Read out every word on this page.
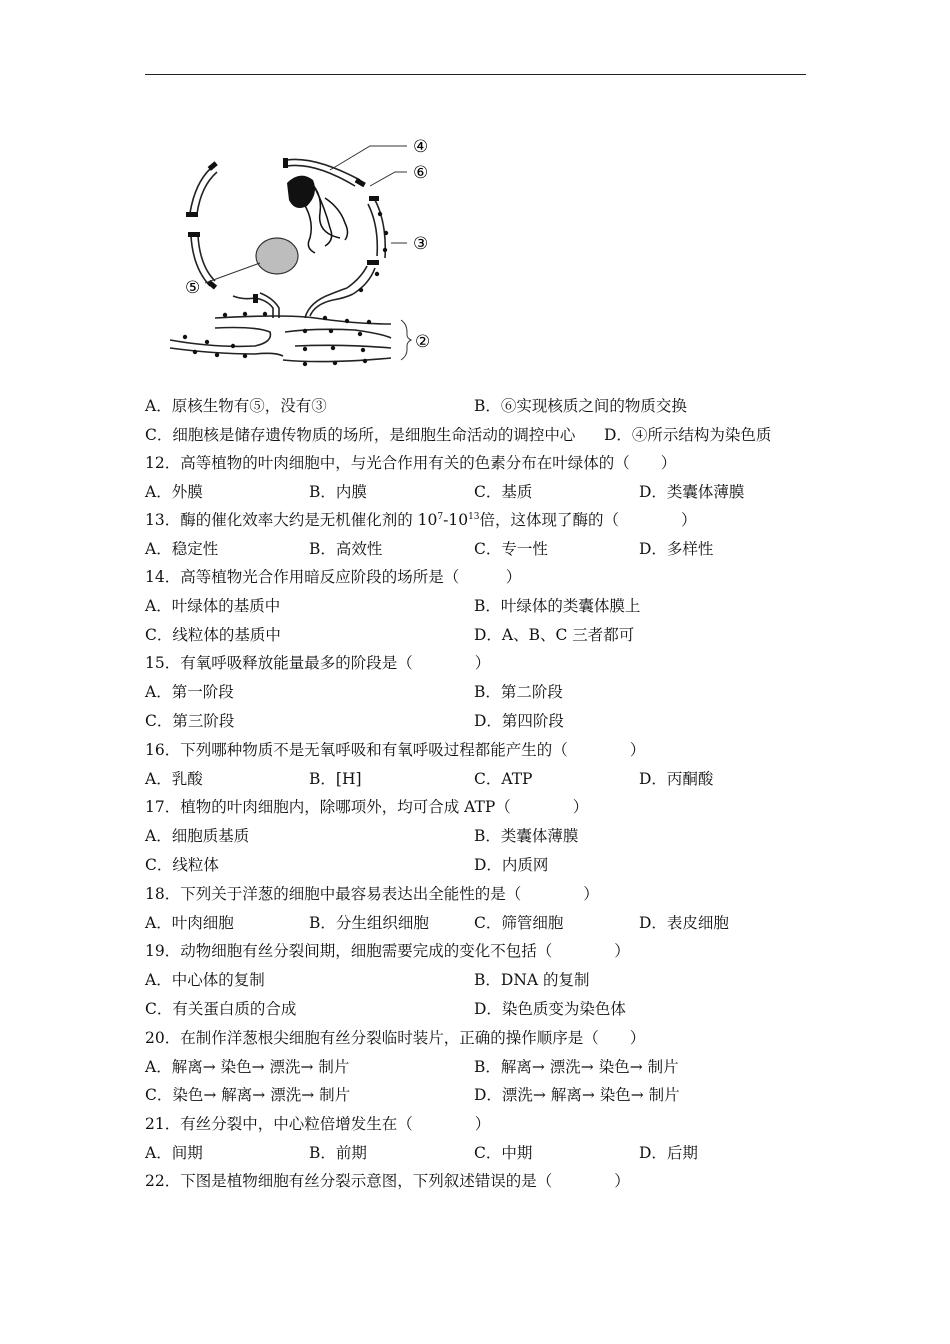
④
⑥
③
⑤
②
A．原核生物有⑤，没有③	B．⑥实现核质之间的物质交换
C．细胞核是储存遗传物质的场所，是细胞生命活动的调控中心 D．④所示结构为染色质
12．高等植物的叶肉细胞中，与光合作用有关的色素分布在叶绿体的（　　）
A．外膜	B．内膜	C．基质	D．类囊体薄膜
13．酶的催化效率大约是无机催化剂的 $10^7-10^{13}$倍，这体现了酶的（　　　　）
A．稳定性	B．高效性	C．专一性	D．多样性
14．高等植物光合作用暗反应阶段的场所是（　　　）
A．叶绿体的基质中	B．叶绿体的类囊体膜上
C．线粒体的基质中	D．A、B、C 三者都可
15．有氧呼吸释放能量最多的阶段是（　　　　）
A．第一阶段	B．第二阶段
C．第三阶段	D．第四阶段
16．下列哪种物质不是无氧呼吸和有氧呼吸过程都能产生的（　　　　）
A．乳酸	B．[H]	C．ATP	D．丙酮酸
17．植物的叶肉细胞内，除哪项外，均可合成 ATP（　　　　）
A．细胞质基质	B．类囊体薄膜
C．线粒体	D．内质网
18．下列关于洋葱的细胞中最容易表达出全能性的是（　　　　）
A．叶肉细胞	B．分生组织细胞	C．筛管细胞	D．表皮细胞
19．动物细胞有丝分裂间期，细胞需要完成的变化不包括（　　　　）
A．中心体的复制	B．DNA 的复制
C．有关蛋白质的合成	D．染色质变为染色体
20．在制作洋葱根尖细胞有丝分裂临时装片，正确的操作顺序是（　　）
A．解离→ 染色→ 漂洗→ 制片	B．解离→ 漂洗→ 染色→ 制片
C．染色→ 解离→ 漂洗→ 制片	D．漂洗→ 解离→ 染色→ 制片
21．有丝分裂中，中心粒倍增发生在（　　　　）
A．间期	B．前期	C．中期	D．后期
22．下图是植物细胞有丝分裂示意图，下列叙述错误的是（　　　　）
